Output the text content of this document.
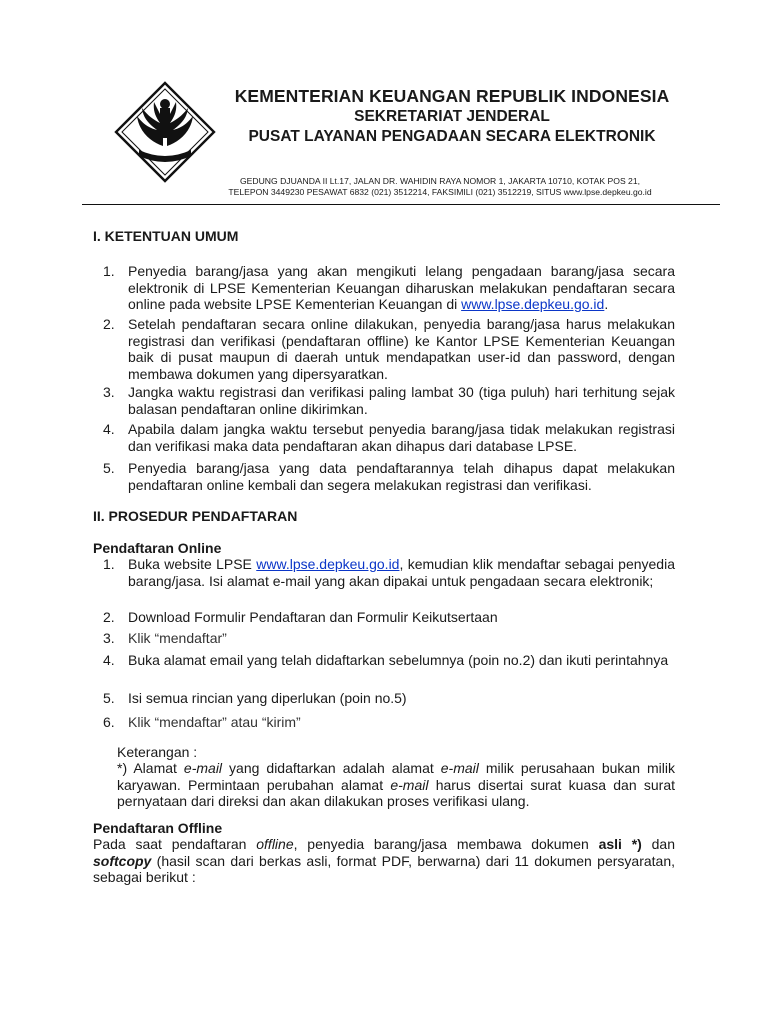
KEMENTERIAN KEUANGAN REPUBLIK INDONESIA
SEKRETARIAT JENDERAL
PUSAT LAYANAN PENGADAAN SECARA ELEKTRONIK
GEDUNG DJUANDA II Lt.17, JALAN DR. WAHIDIN RAYA NOMOR 1, JAKARTA 10710, KOTAK POS 21,
TELEPON 3449230 PESAWAT 6832 (021) 3512214, FAKSIMILI (021) 3512219, SITUS www.lpse.depkeu.go.id
I. KETENTUAN UMUM
1. Penyedia barang/jasa yang akan mengikuti lelang pengadaan barang/jasa secara elektronik di LPSE Kementerian Keuangan diharuskan melakukan pendaftaran secara online pada website LPSE Kementerian Keuangan di www.lpse.depkeu.go.id.
2. Setelah pendaftaran secara online dilakukan, penyedia barang/jasa harus melakukan registrasi dan verifikasi (pendaftaran offline) ke Kantor LPSE Kementerian Keuangan baik di pusat maupun di daerah untuk mendapatkan user-id dan password, dengan membawa dokumen yang dipersyaratkan.
3. Jangka waktu registrasi dan verifikasi paling lambat 30 (tiga puluh) hari terhitung sejak balasan pendaftaran online dikirimkan.
4. Apabila dalam jangka waktu tersebut penyedia barang/jasa tidak melakukan registrasi dan verifikasi maka data pendaftaran akan dihapus dari database LPSE.
5. Penyedia barang/jasa yang data pendaftarannya telah dihapus dapat melakukan pendaftaran online kembali dan segera melakukan registrasi dan verifikasi.
II. PROSEDUR PENDAFTARAN
Pendaftaran Online
1. Buka website LPSE www.lpse.depkeu.go.id, kemudian klik mendaftar sebagai penyedia barang/jasa. Isi alamat e-mail yang akan dipakai untuk pengadaan secara elektronik;
2. Download Formulir Pendaftaran dan Formulir Keikutsertaan
3. Klik “mendaftar”
4. Buka alamat email yang telah didaftarkan sebelumnya (poin no.2) dan ikuti perintahnya
5. Isi semua rincian yang diperlukan (poin no.5)
6. Klik “mendaftar” atau “kirim”
Keterangan :
*) Alamat e-mail yang didaftarkan adalah alamat e-mail milik perusahaan bukan milik karyawan. Permintaan perubahan alamat e-mail harus disertai surat kuasa dan surat pernyataan dari direksi dan akan dilakukan proses verifikasi ulang.
Pendaftaran Offline
Pada saat pendaftaran offline, penyedia barang/jasa membawa dokumen asli *) dan softcopy (hasil scan dari berkas asli, format PDF, berwarna) dari 11 dokumen persyaratan, sebagai berikut :
